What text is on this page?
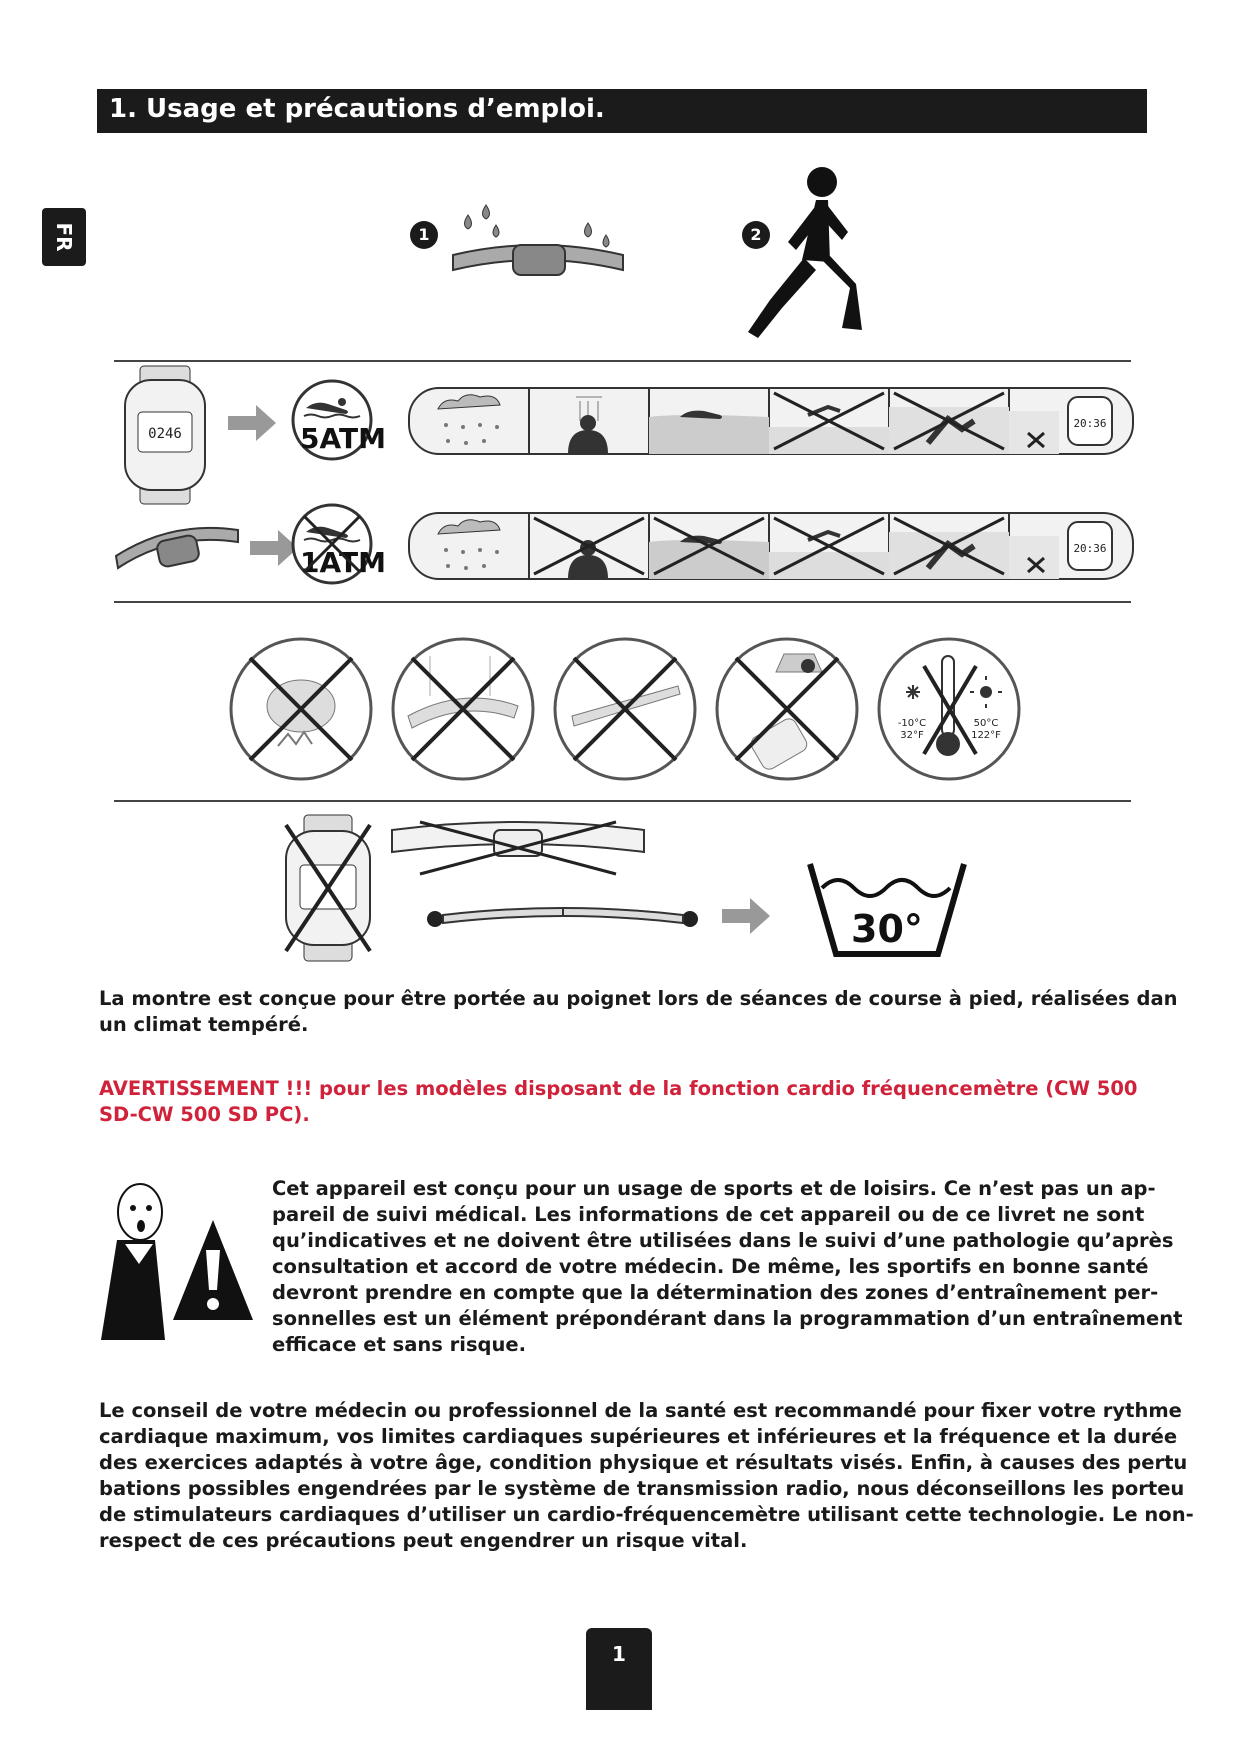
1. Usage et précautions d’emploi.
FR	1	2
0246	5ATM	20:36
1ATM	20:36
-10°C
32°F
50°C
122°F
30°
La montre est conçue pour être portée au poignet lors de séances de course à pied, réalisées dan
un climat tempéré.
AVERTISSEMENT !!! pour les modèles disposant de la fonction cardio fréquencemètre (CW 500
SD-CW 500 SD PC).
Cet appareil est conçu pour un usage de sports et de loisirs. Ce n’est pas un ap-
pareil de suivi médical. Les informations de cet appareil ou de ce livret ne sont
qu’indicatives et ne doivent être utilisées dans le suivi d’une pathologie qu’après
consultation et accord de votre médecin. De même, les sportifs en bonne santé
devront prendre en compte que la détermination des zones d’entraînement per-
sonnelles est un élément prépondérant dans la programmation d’un entraînement
efficace et sans risque.
Le conseil de votre médecin ou professionnel de la santé est recommandé pour fixer votre rythme
cardiaque maximum, vos limites cardiaques supérieures et inférieures et la fréquence et la durée
des exercices adaptés à votre âge, condition physique et résultats visés. Enfin, à causes des pertu
bations possibles engendrées par le système de transmission radio, nous déconseillons les porteu
de stimulateurs cardiaques d’utiliser un cardio-fréquencemètre utilisant cette technologie. Le non-
respect de ces précautions peut engendrer un risque vital.
1
